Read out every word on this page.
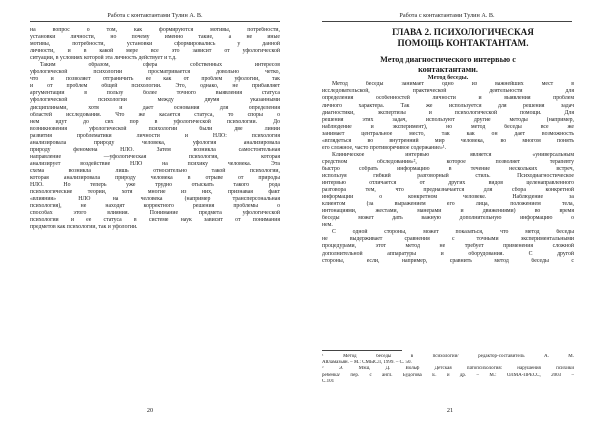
Работа с контактантами Тулин А. В.
на вопрос о том, как формируются мотивы, потребности,
установки личности, но почему именно такие, а не иные
мотивы, потребности, установки сформировались у данной
личности, и в какой мере все это зависит от уфологической
ситуации, в условиях которой эта личность действует и т.д.
Таким образом, сфера собственных интересов
уфологической психологии просматривается довольно четко,
что и позволяет отграничить ее как от проблем уфологии, так
и от проблем общей психологии. Это, однако, не прибавляет
аргументации в пользу более точного выявления статуса
уфологической психологии между двумя указанными
дисциплинами, хотя и дает основания для определения
областей исследования. Что же касается статуса, то споры о
нем идут до сих пор в уфологической психологии. До
возникновения уфологической психологии были две линии
развития проблематики личности и НЛО: психология
анализировала природу человека, уфология анализировала
природу феномена НЛО. Затем возникла самостоятельная
направление —уфологическая психология, которая
анализирует воздействие НЛО на психику человека. Эта
схема возникла лишь относительно такой психологии,
которая анализировала природу человека в отрыве от природы
НЛО. Но теперь уже трудно отыскать такого рода
психологические теории, хотя многие из них, признавая факт
«влияния» НЛО на человека (например трансперсональная
психология), не находят корректного решения проблемы о
способах этого влияния. Понимание предмета уфологической
психологии и ее статуса в системе наук зависит от понимания
предметов как психологии, так и уфологии.
20
Работа с контактантами Тулин А. В.
ГЛАВА 2. ПСИХОЛОГИЧЕСКАЯ
ПОМОЩЬ КОНТАКТАНТАМ.
Метод диагностического интервью с
контактантами.
Метод беседы.
Метод беседы занимает одно из важнейших мест в
исследовательской, практической деятельности для
определения особенностей личности и выявления проблем
личного характера. Так же используется для решения задач
диагностики, экспертизы и психологической помощи. Для
решения этих задач, используют другие методы (например,
наблюдение и эксперимент), но метод беседы все же
занимает центральное место, так как он дает возможность
«вглядеться во внутренний мир человека, во многом понять
его сложное, часто противоречивое содержание»¹.
Клиническое интервью является «универсальным
средством обследования»², которое позволяет терапевту
быстро собрать информацию в течение нескольких встреч,
используя гибкий разговорный стиль. Психодиагностическое
интервью отличается от других видов целенаправленного
разговора тем, что предназначается для сбора конкретной
информации о конкретном человеке. Наблюдение за
клиентом (за выражением его лица, положением тела,
интонациями, жестами, манерами и движениями) во время
беседы может дать важную дополнительную информацию о
нем.
С одной стороны, может показаться, что метод беседы
не выдерживает сравнения с точными экспериментальными
процедурами, этот метод не требует применения сложной
дополнительной аппаратуры и оборудования. С другой
стороны, если, например, сравнить метод беседы с
¹ Метод беседы в психологии/ редактор-составитель А. М.
Айламазьян. – М.: СМЫСЛ, 1999. – С. 50.
² Э. Мэш, Д. Вольф Детская патопсихология: нарушения психики
ребенка/ пер. с англ. Будогова Е. и др. – М.: ОЛМА-ПРЕСС, 2003 –
С.101
21
